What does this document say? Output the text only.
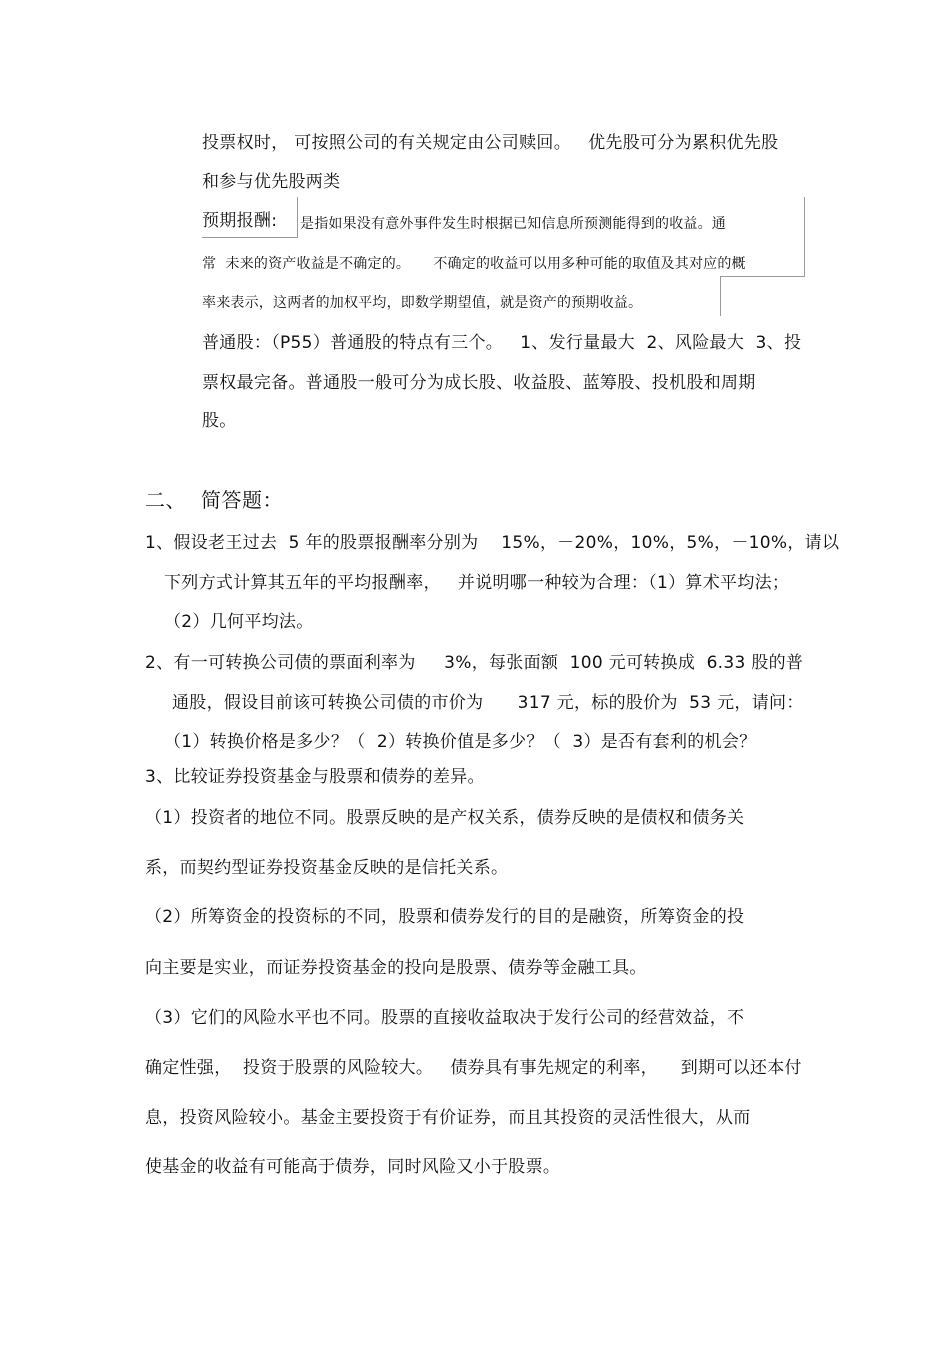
投票权时， 可按照公司的有关规定由公司赎回。   优先股可分为累积优先股
和参与优先股两类
预期报酬: 是指如果没有意外事件发生时根据已知信息所预测能得到的收益。通
常  未来的资产收益是不确定的。     不确定的收益可以用多种可能的取值及其对应的概
率来表示，这两者的加权平均，即数学期望值，就是资产的预期收益。
普通股：（P55）普通股的特点有三个。   1、发行量最大  2、风险最大  3、投
票权最完备。普通股一般可分为成长股、收益股、蓝筹股、投机股和周期
股。
二、 简答题：
1、假设老王过去  5 年的股票报酬率分别为    15%，－20%，10%，5%，－10%，请以
下列方式计算其五年的平均报酬率，   并说明哪一种较为合理：（1）算术平均法；
（2）几何平均法。
2、有一可转换公司债的票面利率为     3%，每张面额  100 元可转换成  6.33 股的普
通股，假设目前该可转换公司债的市价为      317 元，标的股价为  53 元，请问：
（1）转换价格是多少？（  2）转换价值是多少？（  3）是否有套利的机会？
3、比较证券投资基金与股票和债券的差异。
（1）投资者的地位不同。股票反映的是产权关系，债券反映的是债权和债务关
系，而契约型证券投资基金反映的是信托关系。
（2）所筹资金的投资标的不同，股票和债券发行的目的是融资，所筹资金的投
向主要是实业，而证券投资基金的投向是股票、债券等金融工具。
（3）它们的风险水平也不同。股票的直接收益取决于发行公司的经营效益，不
确定性强，  投资于股票的风险较大。   债券具有事先规定的利率，    到期可以还本付
息，投资风险较小。基金主要投资于有价证券，而且其投资的灵活性很大，从而
使基金的收益有可能高于债券，同时风险又小于股票。
